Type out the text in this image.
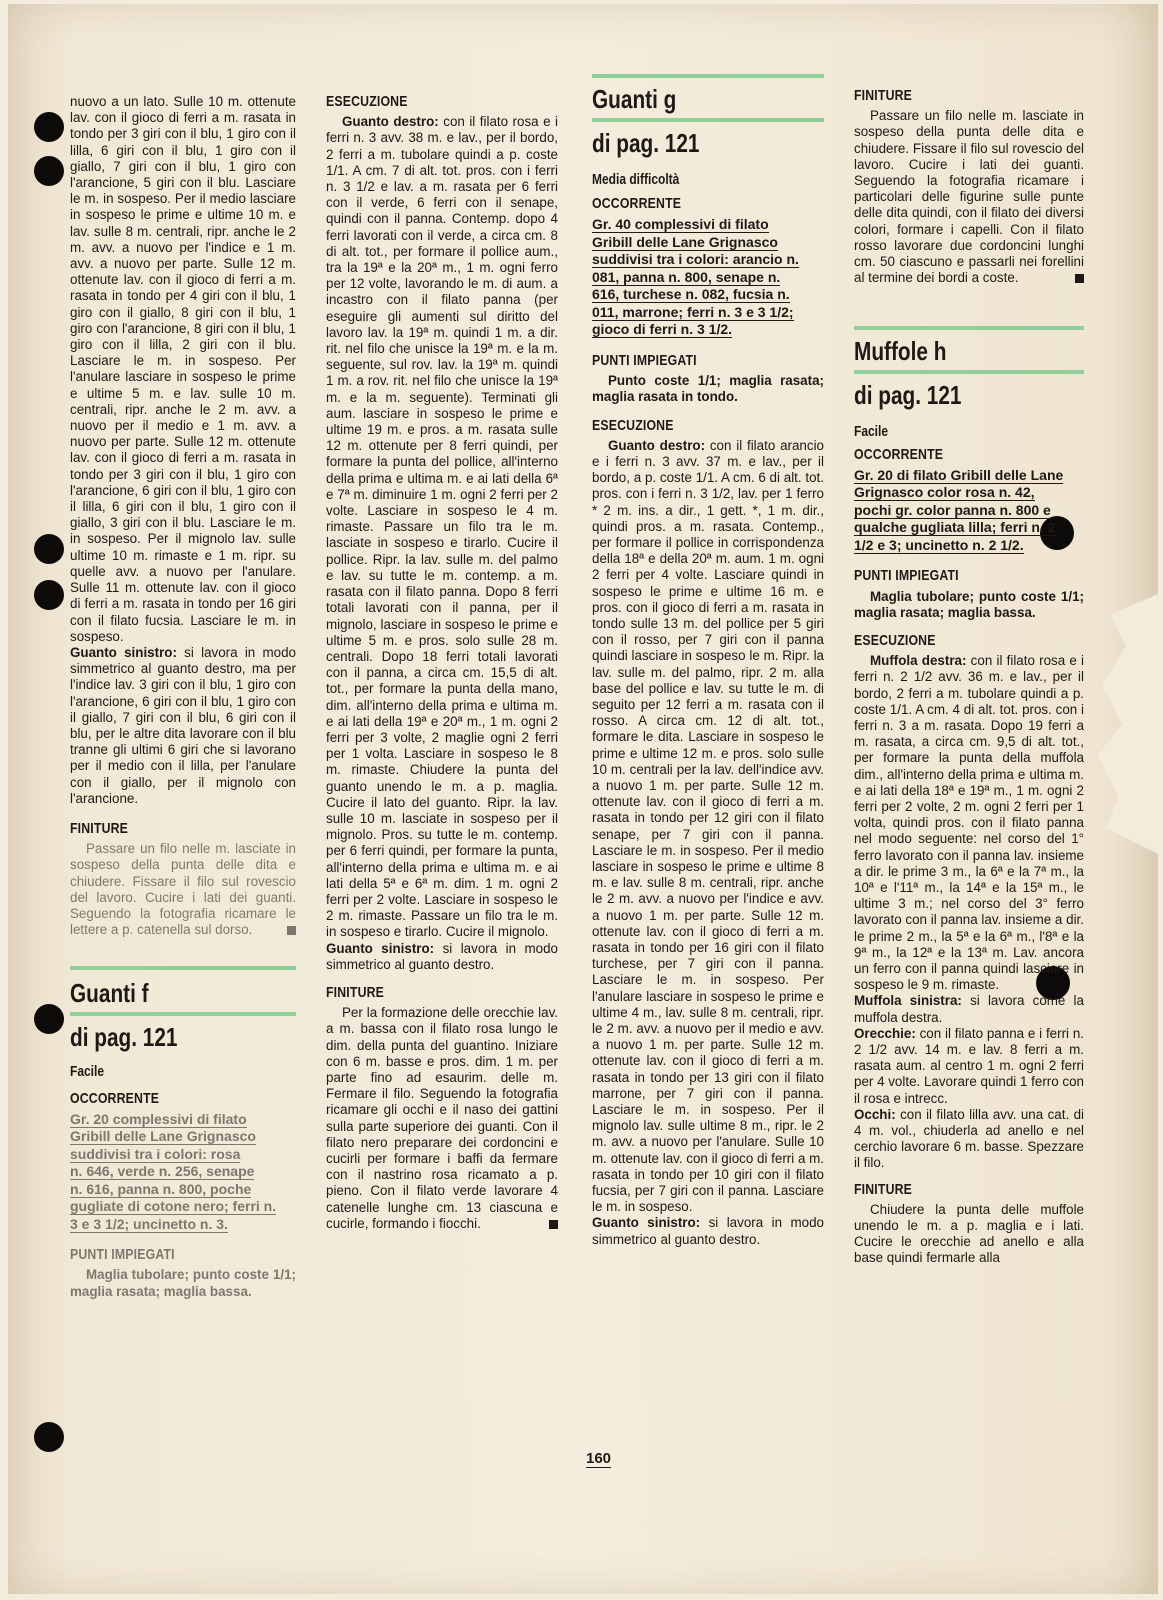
nuovo a un lato. Sulle 10 m. ottenute lav. con il gioco di ferri a m. rasata in tondo per 3 giri con il blu, 1 giro con il lilla, 6 giri con il blu, 1 giro con il giallo, 7 giri con il blu, 1 giro con l'arancione, 5 giri con il blu. Lasciare le m. in sospeso. Per il medio lasciare in sospeso le prime e ultime 10 m. e lav. sulle 8 m. centrali, ripr. anche le 2 m. avv. a nuovo per l'indice e 1 m. avv. a nuovo per parte. Sulle 12 m. ottenute lav. con il gioco di ferri a m. rasata in tondo per 4 giri con il blu, 1 giro con il giallo, 8 giri con il blu, 1 giro con l'arancione, 8 giri con il blu, 1 giro con il lilla, 2 giri con il blu. Lasciare le m. in sospeso. Per l'anulare lasciare in sospeso le prime e ultime 5 m. e lav. sulle 10 m. centrali, ripr. anche le 2 m. avv. a nuovo per il medio e 1 m. avv. a nuovo per parte. Sulle 12 m. ottenute lav. con il gioco di ferri a m. rasata in tondo per 3 giri con il blu, 1 giro con l'arancione, 6 giri con il blu, 1 giro con il lilla, 6 giri con il blu, 1 giro con il giallo, 3 giri con il blu. Lasciare le m. in sospeso. Per il mignolo lav. sulle ultime 10 m. rimaste e 1 m. ripr. su quelle avv. a nuovo per l'anulare. Sulle 11 m. ottenute lav. con il gioco di ferri a m. rasata in tondo per 16 giri con il filato fucsia. Lasciare le m. in sospeso.

Guanto sinistro: si lavora in modo simmetrico al guanto destro, ma per l'indice lav. 3 giri con il blu, 1 giro con l'arancione, 6 giri con il blu, 1 giro con il giallo, 7 giri con il blu, 6 giri con il blu, per le altre dita lavorare con il blu tranne gli ultimi 6 giri che si lavorano per il medio con il lilla, per l'anulare con il giallo, per il mignolo con l'arancione.

FINITURE

Passare un filo nelle m. lasciate in sospeso della punta delle dita e chiudere. Fissare il filo sul rovescio del lavoro. Cucire i lati dei guanti. Seguendo la fotografia ricamare le lettere a p. catenella sul dorso.

Guanti f
di pag. 121
Facile
OCCORRENTE
Gr. 20 complessivi di filato
Gribill delle Lane Grignasco
suddivisi tra i colori: rosa
n. 646, verde n. 256, senape
n. 616, panna n. 800, poche
gugliate di cotone nero; ferri n.
3 e 3 1/2; uncinetto n. 3.
PUNTI IMPIEGATI

Maglia tubolare; punto coste 1/1; maglia rasata; maglia bassa.

ESECUZIONE

Guanto destro: con il filato rosa e i ferri n. 3 avv. 38 m. e lav., per il bordo, 2 ferri a m. tubolare quindi a p. coste 1/1. A cm. 7 di alt. tot. pros. con i ferri n. 3 1/2 e lav. a m. rasata per 6 ferri con il verde, 6 ferri con il senape, quindi con il panna. Contemp. dopo 4 ferri lavorati con il verde, a circa cm. 8 di alt. tot., per formare il pollice aum., tra la 19ª e la 20ª m., 1 m. ogni ferro per 12 volte, lavorando le m. di aum. a incastro con il filato panna (per eseguire gli aumenti sul diritto del lavoro lav. la 19ª m. quindi 1 m. a dir. rit. nel filo che unisce la 19ª m. e la m. seguente, sul rov. lav. la 19ª m. quindi 1 m. a rov. rit. nel filo che unisce la 19ª m. e la m. seguente). Terminati gli aum. lasciare in sospeso le prime e ultime 19 m. e pros. a m. rasata sulle 12 m. ottenute per 8 ferri quindi, per formare la punta del pollice, all'interno della prima e ultima m. e ai lati della 6ª e 7ª m. diminuire 1 m. ogni 2 ferri per 2 volte. Lasciare in sospeso le 4 m. rimaste. Passare un filo tra le m. lasciate in sospeso e tirarlo. Cucire il pollice. Ripr. la lav. sulle m. del palmo e lav. su tutte le m. contemp. a m. rasata con il filato panna. Dopo 8 ferri totali lavorati con il panna, per il mignolo, lasciare in sospeso le prime e ultime 5 m. e pros. solo sulle 28 m. centrali. Dopo 18 ferri totali lavorati con il panna, a circa cm. 15,5 di alt. tot., per formare la punta della mano, dim. all'interno della prima e ultima m. e ai lati della 19ª e 20ª m., 1 m. ogni 2 ferri per 3 volte, 2 maglie ogni 2 ferri per 1 volta. Lasciare in sospeso le 8 m. rimaste. Chiudere la punta del guanto unendo le m. a p. maglia. Cucire il lato del guanto. Ripr. la lav. sulle 10 m. lasciate in sospeso per il mignolo. Pros. su tutte le m. contemp. per 6 ferri quindi, per formare la punta, all'interno della prima e ultima m. e ai lati della 5ª e 6ª m. dim. 1 m. ogni 2 ferri per 2 volte. Lasciare in sospeso le 2 m. rimaste. Passare un filo tra le m. in sospeso e tirarlo. Cucire il mignolo.

Guanto sinistro: si lavora in modo simmetrico al guanto destro.

FINITURE

Per la formazione delle orecchie lav. a m. bassa con il filato rosa lungo le dim. della punta del guantino. Iniziare con 6 m. basse e pros. dim. 1 m. per parte fino ad esaurim. delle m. Fermare il filo. Seguendo la fotografia ricamare gli occhi e il naso dei gattini sulla parte superiore dei guanti. Con il filato nero preparare dei cordoncini e cucirli per formare i baffi da fermare con il nastrino rosa ricamato a p. pieno. Con il filato verde lavorare 4 catenelle lunghe cm. 13 ciascuna e cucirle, formando i fiocchi.

Guanti g
di pag. 121
Media difficoltà
OCCORRENTE
Gr. 40 complessivi di filato
Gribill delle Lane Grignasco
suddivisi tra i colori: arancio n.
081, panna n. 800, senape n.
616, turchese n. 082, fucsia n.
011, marrone; ferri n. 3 e 3 1/2;
gioco di ferri n. 3 1/2.
PUNTI IMPIEGATI

Punto coste 1/1; maglia rasata; maglia rasata in tondo.

ESECUZIONE

Guanto destro: con il filato arancio e i ferri n. 3 avv. 37 m. e lav., per il bordo, a p. coste 1/1. A cm. 6 di alt. tot. pros. con i ferri n. 3 1/2, lav. per 1 ferro * 2 m. ins. a dir., 1 gett. *, 1 m. dir., quindi pros. a m. rasata. Contemp., per formare il pollice in corrispondenza della 18ª e della 20ª m. aum. 1 m. ogni 2 ferri per 4 volte. Lasciare quindi in sospeso le prime e ultime 16 m. e pros. con il gioco di ferri a m. rasata in tondo sulle 13 m. del pollice per 5 giri con il rosso, per 7 giri con il panna quindi lasciare in sospeso le m. Ripr. la lav. sulle m. del palmo, ripr. 2 m. alla base del pollice e lav. su tutte le m. di seguito per 12 ferri a m. rasata con il rosso. A circa cm. 12 di alt. tot., formare le dita. Lasciare in sospeso le prime e ultime 12 m. e pros. solo sulle 10 m. centrali per la lav. dell'indice avv. a nuovo 1 m. per parte. Sulle 12 m. ottenute lav. con il gioco di ferri a m. rasata in tondo per 12 giri con il filato senape, per 7 giri con il panna. Lasciare le m. in sospeso. Per il medio lasciare in sospeso le prime e ultime 8 m. e lav. sulle 8 m. centrali, ripr. anche le 2 m. avv. a nuovo per l'indice e avv. a nuovo 1 m. per parte. Sulle 12 m. ottenute lav. con il gioco di ferri a m. rasata in tondo per 16 giri con il filato turchese, per 7 giri con il panna. Lasciare le m. in sospeso. Per l'anulare lasciare in sospeso le prime e ultime 4 m., lav. sulle 8 m. centrali, ripr. le 2 m. avv. a nuovo per il medio e avv. a nuovo 1 m. per parte. Sulle 12 m. ottenute lav. con il gioco di ferri a m. rasata in tondo per 13 giri con il filato marrone, per 7 giri con il panna. Lasciare le m. in sospeso. Per il mignolo lav. sulle ultime 8 m., ripr. le 2 m. avv. a nuovo per l'anulare. Sulle 10 m. ottenute lav. con il gioco di ferri a m. rasata in tondo per 10 giri con il filato fucsia, per 7 giri con il panna. Lasciare le m. in sospeso.

Guanto sinistro: si lavora in modo simmetrico al guanto destro.

FINITURE

Passare un filo nelle m. lasciate in sospeso della punta delle dita e chiudere. Fissare il filo sul rovescio del lavoro. Cucire i lati dei guanti. Seguendo la fotografia ricamare i particolari delle figurine sulle punte delle dita quindi, con il filato dei diversi colori, formare i capelli. Con il filato rosso lavorare due cordoncini lunghi cm. 50 ciascuno e passarli nei forellini al termine dei bordi a coste.

Muffole h
di pag. 121
Facile
OCCORRENTE
Gr. 20 di filato Gribill delle Lane
Grignasco color rosa n. 42,
pochi gr. color panna n. 800 e
qualche gugliata lilla; ferri n. 2
1/2 e 3; uncinetto n. 2 1/2.
PUNTI IMPIEGATI

Maglia tubolare; punto coste 1/1; maglia rasata; maglia bassa.

ESECUZIONE

Muffola destra: con il filato rosa e i ferri n. 2 1/2 avv. 36 m. e lav., per il bordo, 2 ferri a m. tubolare quindi a p. coste 1/1. A cm. 4 di alt. tot. pros. con i ferri n. 3 a m. rasata. Dopo 19 ferri a m. rasata, a circa cm. 9,5 di alt. tot., per formare la punta della muffola dim., all'interno della prima e ultima m. e ai lati della 18ª e 19ª m., 1 m. ogni 2 ferri per 2 volte, 2 m. ogni 2 ferri per 1 volta, quindi pros. con il filato panna nel modo seguente: nel corso del 1° ferro lavorato con il panna lav. insieme a dir. le prime 3 m., la 6ª e la 7ª m., la 10ª e l'11ª m., la 14ª e la 15ª m., le ultime 3 m.; nel corso del 3° ferro lavorato con il panna lav. insieme a dir. le prime 2 m., la 5ª e la 6ª m., l'8ª e la 9ª m., la 12ª e la 13ª m. Lav. ancora un ferro con il panna quindi lasciare in sospeso le 9 m. rimaste.

Muffola sinistra: si lavora come la muffola destra.

Orecchie: con il filato panna e i ferri n. 2 1/2 avv. 14 m. e lav. 8 ferri a m. rasata aum. al centro 1 m. ogni 2 ferri per 4 volte. Lavorare quindi 1 ferro con il rosa e intrecc.

Occhi: con il filato lilla avv. una cat. di 4 m. vol., chiuderla ad anello e nel cerchio lavorare 6 m. basse. Spezzare il filo.

FINITURE

Chiudere la punta delle muffole unendo le m. a p. maglia e i lati. Cucire le orecchie ad anello e alla base quindi fermarle alla

160
